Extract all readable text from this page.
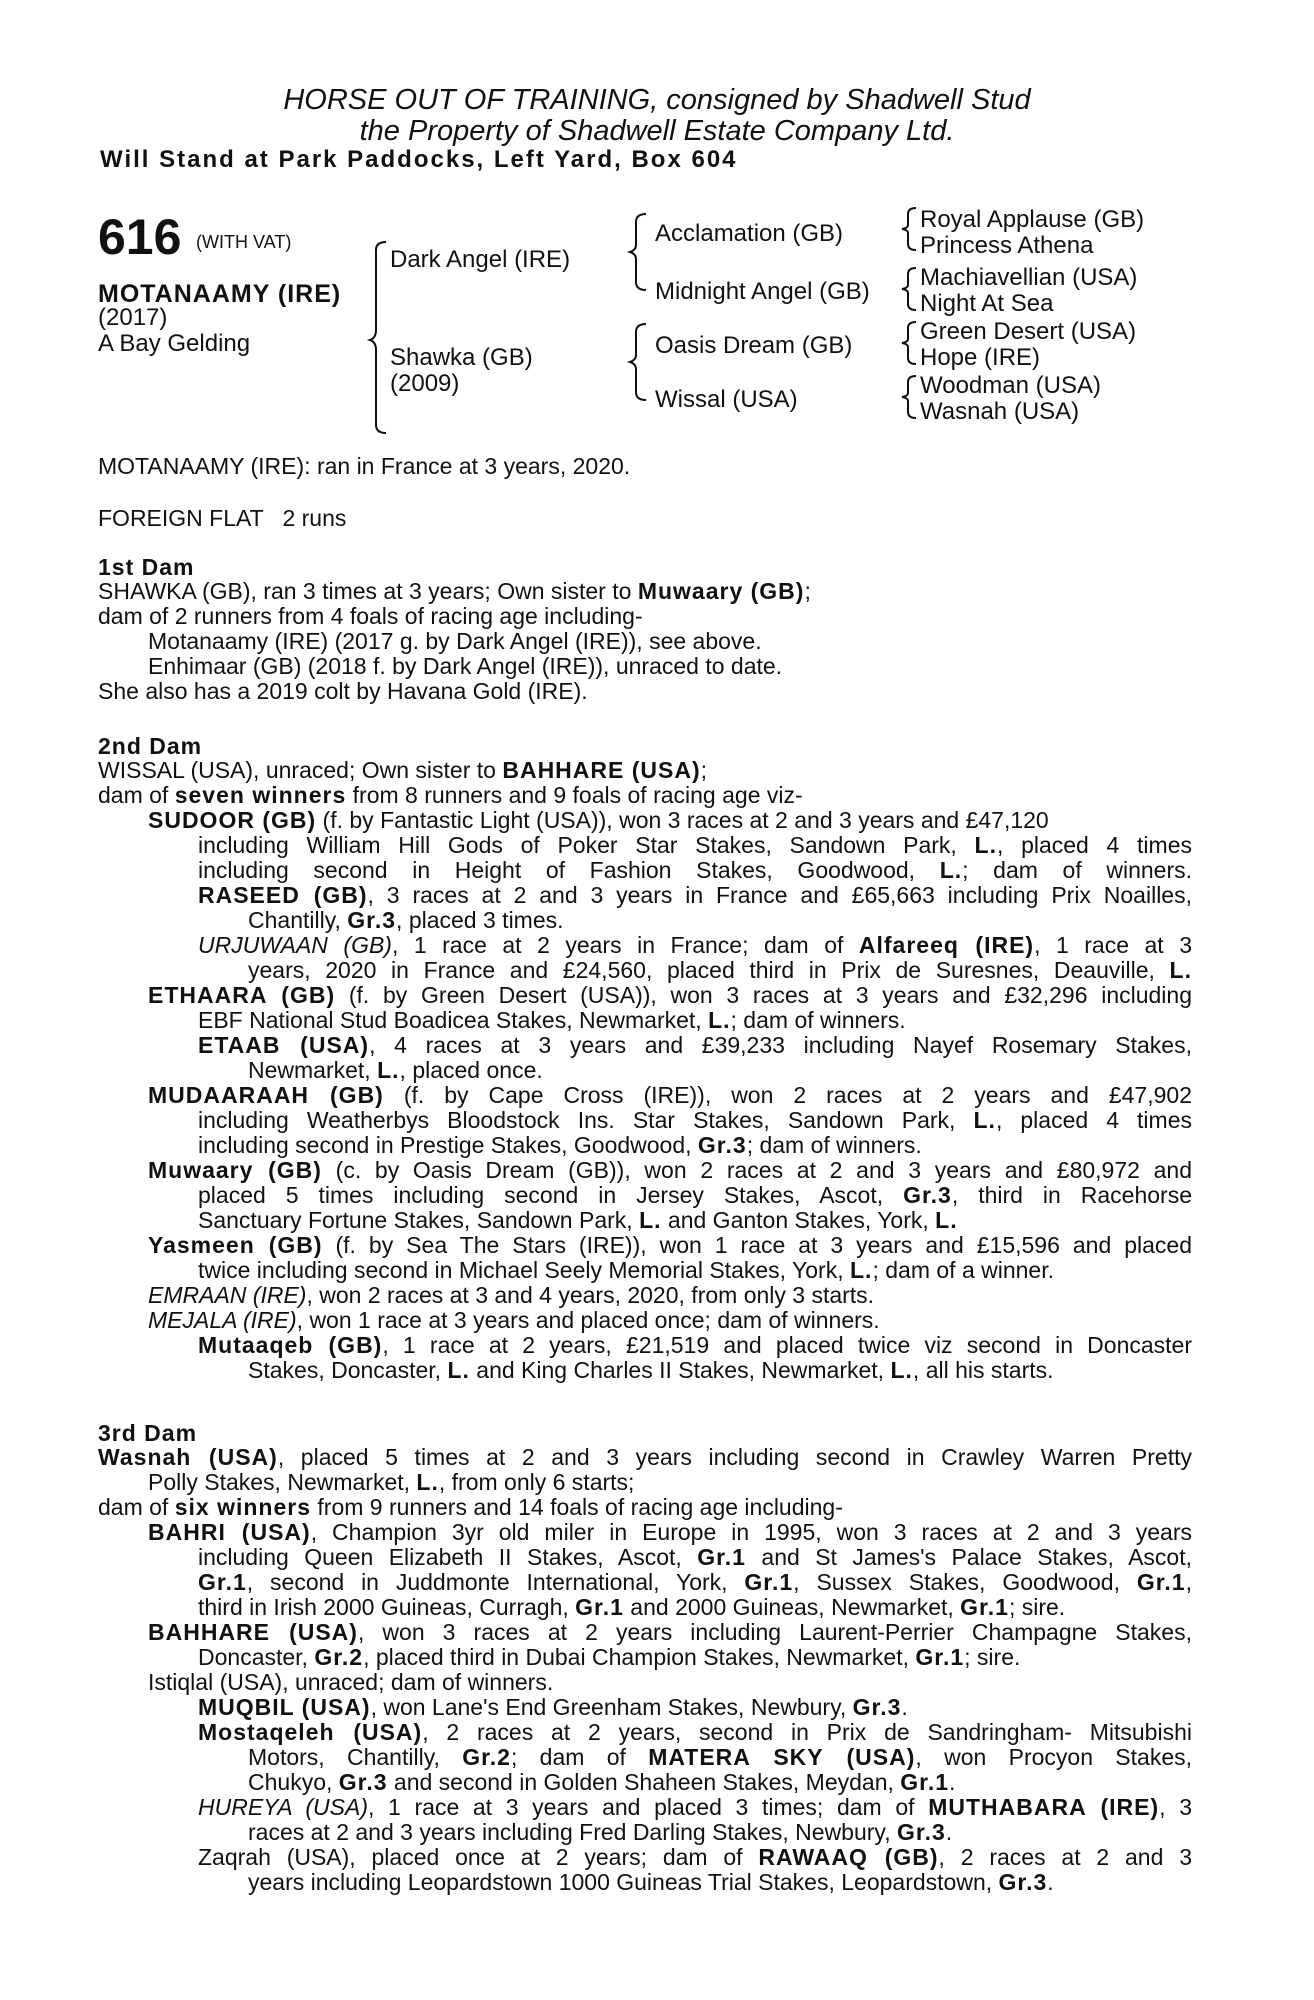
HORSE OUT OF TRAINING, consigned by Shadwell Stud
the Property of Shadwell Estate Company Ltd.
Will Stand at Park Paddocks, Left Yard, Box 604
616 (WITH VAT)
MOTANAAMY (IRE)
(2017)
A Bay Gelding
Dark Angel (IRE)
Shawka (GB)
(2009)
Acclamation (GB)
Midnight Angel (GB)
Oasis Dream (GB)
Wissal (USA)
Royal Applause (GB)
Princess Athena
Machiavellian (USA)
Night At Sea
Green Desert (USA)
Hope (IRE)
Woodman (USA)
Wasnah (USA)
MOTANAAMY (IRE): ran in France at 3 years, 2020.
FOREIGN FLAT   2 runs
1st Dam
2nd Dam
3rd Dam
SHAWKA (GB), ran 3 times at 3 years; Own sister to Muwaary (GB);
dam of 2 runners from 4 foals of racing age including-
Motanaamy (IRE) (2017 g. by Dark Angel (IRE)), see above.
Enhimaar (GB) (2018 f. by Dark Angel (IRE)), unraced to date.
She also has a 2019 colt by Havana Gold (IRE).
WISSAL (USA), unraced; Own sister to BAHHARE (USA);
dam of seven winners from 8 runners and 9 foals of racing age viz-
SUDOOR (GB) (f. by Fantastic Light (USA)), won 3 races at 2 and 3 years and £47,120
including William Hill Gods of Poker Star Stakes, Sandown Park, L., placed 4 times
including second in Height of Fashion Stakes, Goodwood, L.; dam of winners.
RASEED (GB), 3 races at 2 and 3 years in France and £65,663 including Prix Noailles,
Chantilly, Gr.3, placed 3 times.
URJUWAAN (GB), 1 race at 2 years in France; dam of Alfareeq (IRE), 1 race at 3
years, 2020 in France and £24,560, placed third in Prix de Suresnes, Deauville, L.
ETHAARA (GB) (f. by Green Desert (USA)), won 3 races at 3 years and £32,296 including
EBF National Stud Boadicea Stakes, Newmarket, L.; dam of winners.
ETAAB (USA), 4 races at 3 years and £39,233 including Nayef Rosemary Stakes,
Newmarket, L., placed once.
MUDAARAAH (GB) (f. by Cape Cross (IRE)), won 2 races at 2 years and £47,902
including Weatherbys Bloodstock Ins. Star Stakes, Sandown Park, L., placed 4 times
including second in Prestige Stakes, Goodwood, Gr.3; dam of winners.
Muwaary (GB) (c. by Oasis Dream (GB)), won 2 races at 2 and 3 years and £80,972 and
placed 5 times including second in Jersey Stakes, Ascot, Gr.3, third in Racehorse
Sanctuary Fortune Stakes, Sandown Park, L. and Ganton Stakes, York, L.
Yasmeen (GB) (f. by Sea The Stars (IRE)), won 1 race at 3 years and £15,596 and placed
twice including second in Michael Seely Memorial Stakes, York, L.; dam of a winner.
EMRAAN (IRE), won 2 races at 3 and 4 years, 2020, from only 3 starts.
MEJALA (IRE), won 1 race at 3 years and placed once; dam of winners.
Mutaaqeb (GB), 1 race at 2 years, £21,519 and placed twice viz second in Doncaster
Stakes, Doncaster, L. and King Charles II Stakes, Newmarket, L., all his starts.
Wasnah (USA), placed 5 times at 2 and 3 years including second in Crawley Warren Pretty
Polly Stakes, Newmarket, L., from only 6 starts;
dam of six winners from 9 runners and 14 foals of racing age including-
BAHRI (USA), Champion 3yr old miler in Europe in 1995, won 3 races at 2 and 3 years
including Queen Elizabeth II Stakes, Ascot, Gr.1 and St James's Palace Stakes, Ascot,
Gr.1, second in Juddmonte International, York, Gr.1, Sussex Stakes, Goodwood, Gr.1,
third in Irish 2000 Guineas, Curragh, Gr.1 and 2000 Guineas, Newmarket, Gr.1; sire.
BAHHARE (USA), won 3 races at 2 years including Laurent-Perrier Champagne Stakes,
Doncaster, Gr.2, placed third in Dubai Champion Stakes, Newmarket, Gr.1; sire.
Istiqlal (USA), unraced; dam of winners.
MUQBIL (USA), won Lane's End Greenham Stakes, Newbury, Gr.3.
Mostaqeleh (USA), 2 races at 2 years, second in Prix de Sandringham- Mitsubishi
Motors, Chantilly, Gr.2; dam of MATERA SKY (USA), won Procyon Stakes,
Chukyo, Gr.3 and second in Golden Shaheen Stakes, Meydan, Gr.1.
HUREYA (USA), 1 race at 3 years and placed 3 times; dam of MUTHABARA (IRE), 3
races at 2 and 3 years including Fred Darling Stakes, Newbury, Gr.3.
Zaqrah (USA), placed once at 2 years; dam of RAWAAQ (GB), 2 races at 2 and 3
years including Leopardstown 1000 Guineas Trial Stakes, Leopardstown, Gr.3.
